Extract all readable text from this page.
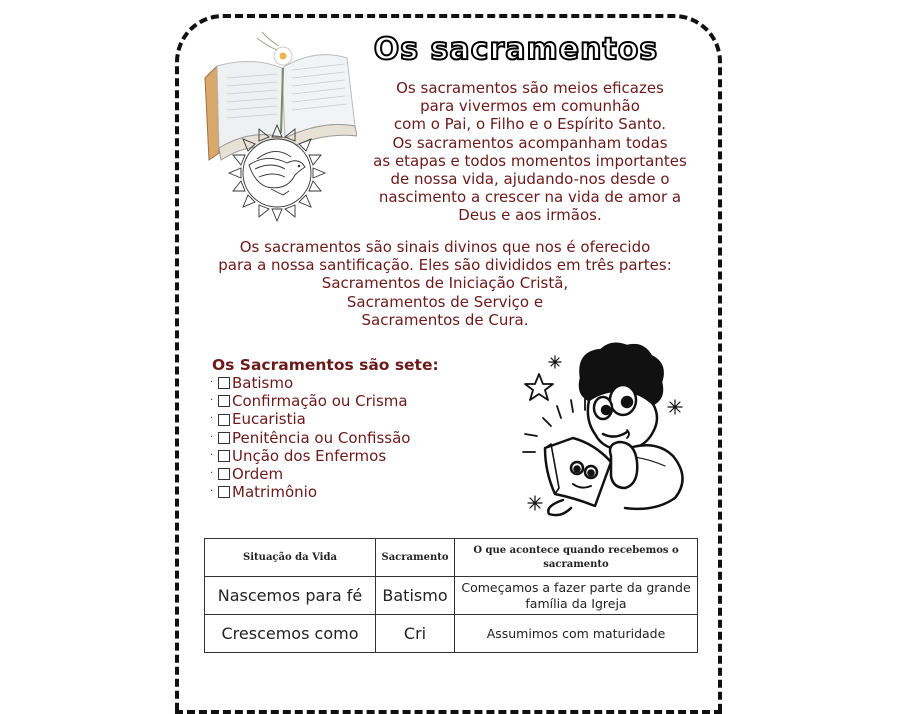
Os sacramentos
Os sacramentos são meios eficazes
para vivermos em comunhão
com o Pai, o Filho e o Espírito Santo.
Os sacramentos acompanham todas
as etapas e todos momentos importantes
de nossa vida, ajudando-nos desde o
nascimento a crescer na vida de amor a
Deus e aos irmãos.
Os sacramentos são sinais divinos que nos é oferecido
para a nossa santificação. Eles são divididos em três partes:
Sacramentos de Iniciação Cristã,
Sacramentos de Serviço e
Sacramentos de Cura.
Os Sacramentos são sete:
· Batismo
· Confirmação ou Crisma
· Eucaristia
· Penitência ou Confissão
· Unção dos Enfermos
· Ordem
· Matrimônio
Situação da Vida	Sacramento	O que acontece quando recebemos o sacramento
Nascemos para fé	Batismo	Começamos a fazer parte da grande família da Igreja
Crescemos como	Cri	Assumimos com maturidade
